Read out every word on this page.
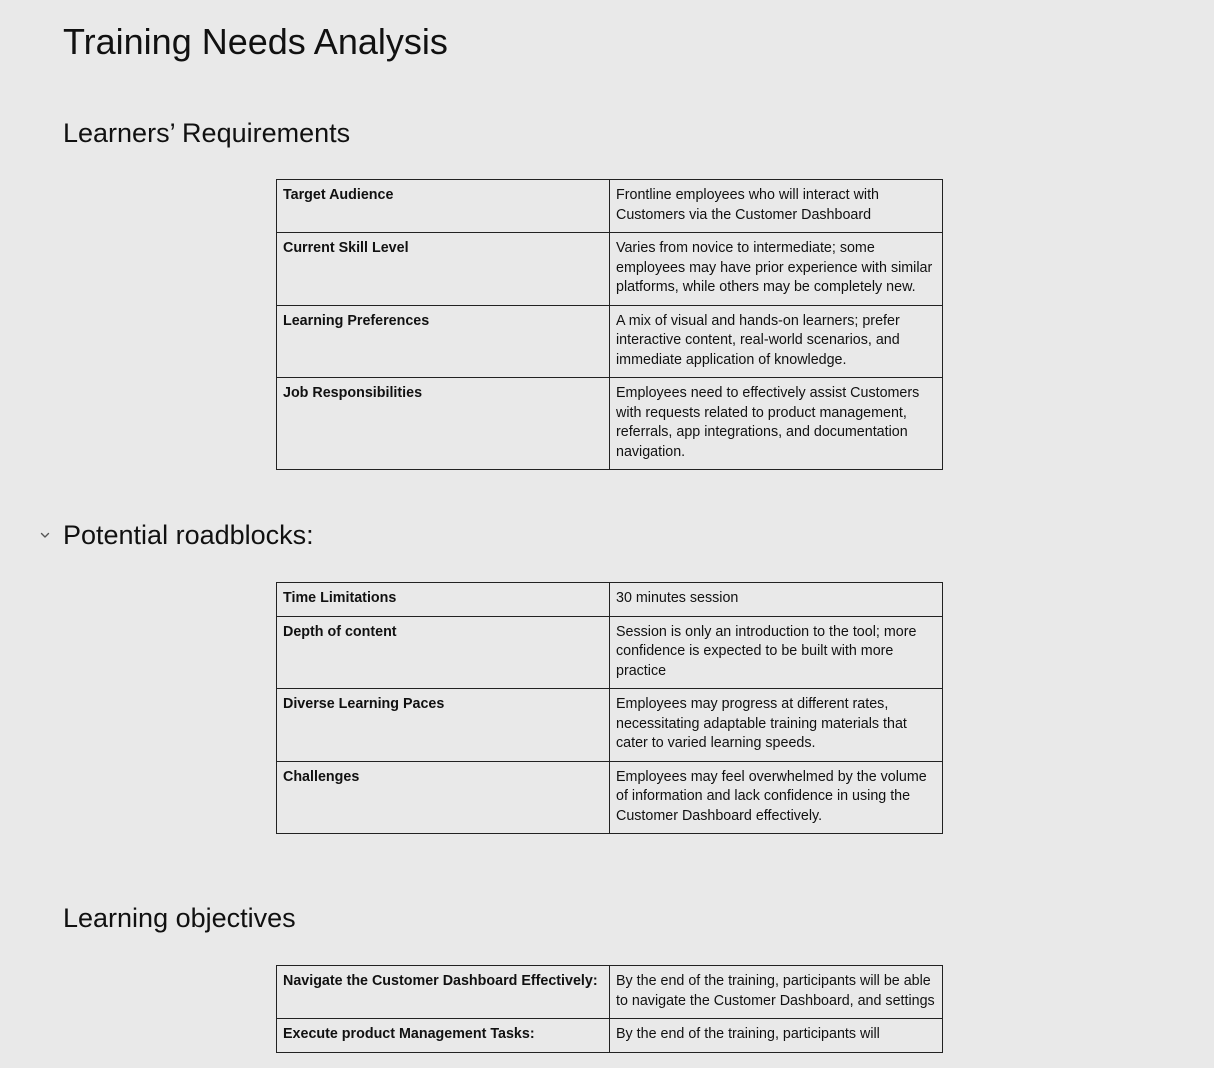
Training Needs Analysis
Learners’ Requirements
Target Audience	Frontline employees who will interact with Customers via the Customer Dashboard
Current Skill Level	Varies from novice to intermediate; some employees may have prior experience with similar platforms, while others may be completely new.
Learning Preferences	A mix of visual and hands-on learners; prefer interactive content, real-world scenarios, and immediate application of knowledge.
Job Responsibilities	Employees need to effectively assist Customers with requests related to product management, referrals, app integrations, and documentation navigation.
Potential roadblocks:
Time Limitations	30 minutes session
Depth of content	Session is only an introduction to the tool; more confidence is expected to be built with more practice
Diverse Learning Paces	Employees may progress at different rates, necessitating adaptable training materials that cater to varied learning speeds.
Challenges	Employees may feel overwhelmed by the volume of information and lack confidence in using the Customer Dashboard effectively.
Learning objectives
Navigate the Customer Dashboard Effectively:	By the end of the training, participants will be able to navigate the Customer Dashboard, and settings
Execute product Management Tasks:	By the end of the training, participants will
